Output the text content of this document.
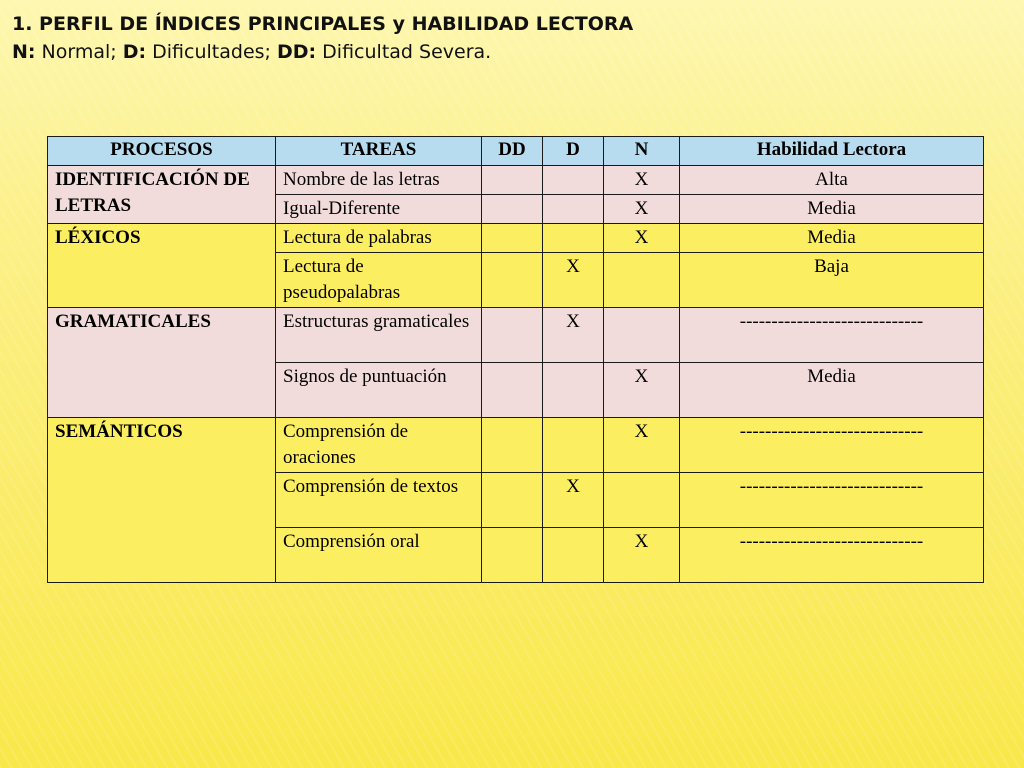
1. PERFIL DE ÍNDICES PRINCIPALES y HABILIDAD LECTORA
N: Normal; D: Dificultades; DD: Dificultad Severa.
PROCESOS	TAREAS	DD	D	N	Habilidad Lectora
IDENTIFICACIÓN DE LETRAS	Nombre de las letras			X	Alta
	Igual-Diferente			X	Media
LÉXICOS	Lectura de palabras			X	Media
	Lectura de pseudopalabras		X		Baja
GRAMATICALES	Estructuras gramaticales		X		-----------------------------
	Signos de puntuación			X	Media
SEMÁNTICOS	Comprensión de oraciones			X	-----------------------------
	Comprensión de textos		X		-----------------------------
	Comprensión oral			X	-----------------------------
